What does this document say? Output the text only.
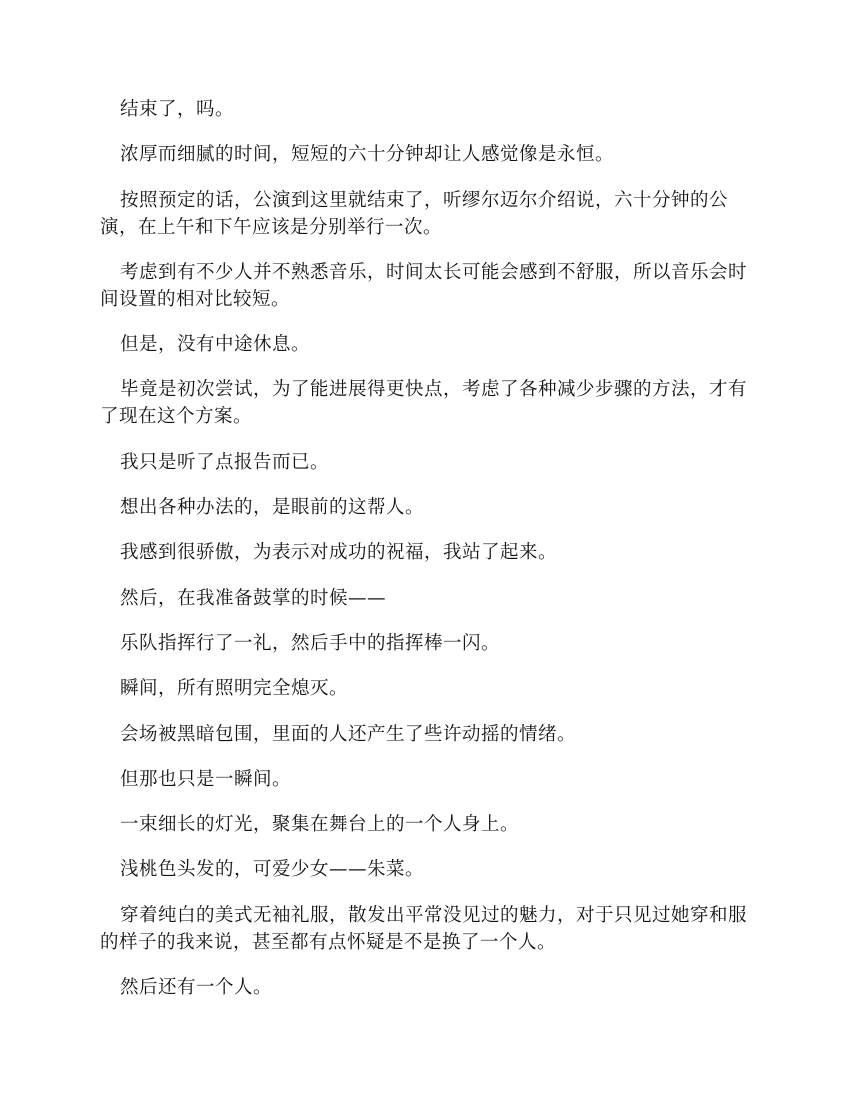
结束了，吗。

浓厚而细腻的时间，短短的六十分钟却让人感觉像是永恒。

按照预定的话，公演到这里就结束了，听缪尔迈尔介绍说，六十分钟的公演，在上午和下午应该是分别举行一次。

考虑到有不少人并不熟悉音乐，时间太长可能会感到不舒服，所以音乐会时间设置的相对比较短。

但是，没有中途休息。

毕竟是初次尝试，为了能进展得更快点，考虑了各种减少步骤的方法，才有了现在这个方案。

我只是听了点报告而已。

想出各种办法的，是眼前的这帮人。

我感到很骄傲，为表示对成功的祝福，我站了起来。

然后，在我准备鼓掌的时候——

乐队指挥行了一礼，然后手中的指挥棒一闪。

瞬间，所有照明完全熄灭。

会场被黑暗包围，里面的人还产生了些许动摇的情绪。

但那也只是一瞬间。

一束细长的灯光，聚集在舞台上的一个人身上。

浅桃色头发的，可爱少女——朱菜。

穿着纯白的美式无袖礼服，散发出平常没见过的魅力，对于只见过她穿和服的样子的我来说，甚至都有点怀疑是不是换了一个人。

然后还有一个人。
